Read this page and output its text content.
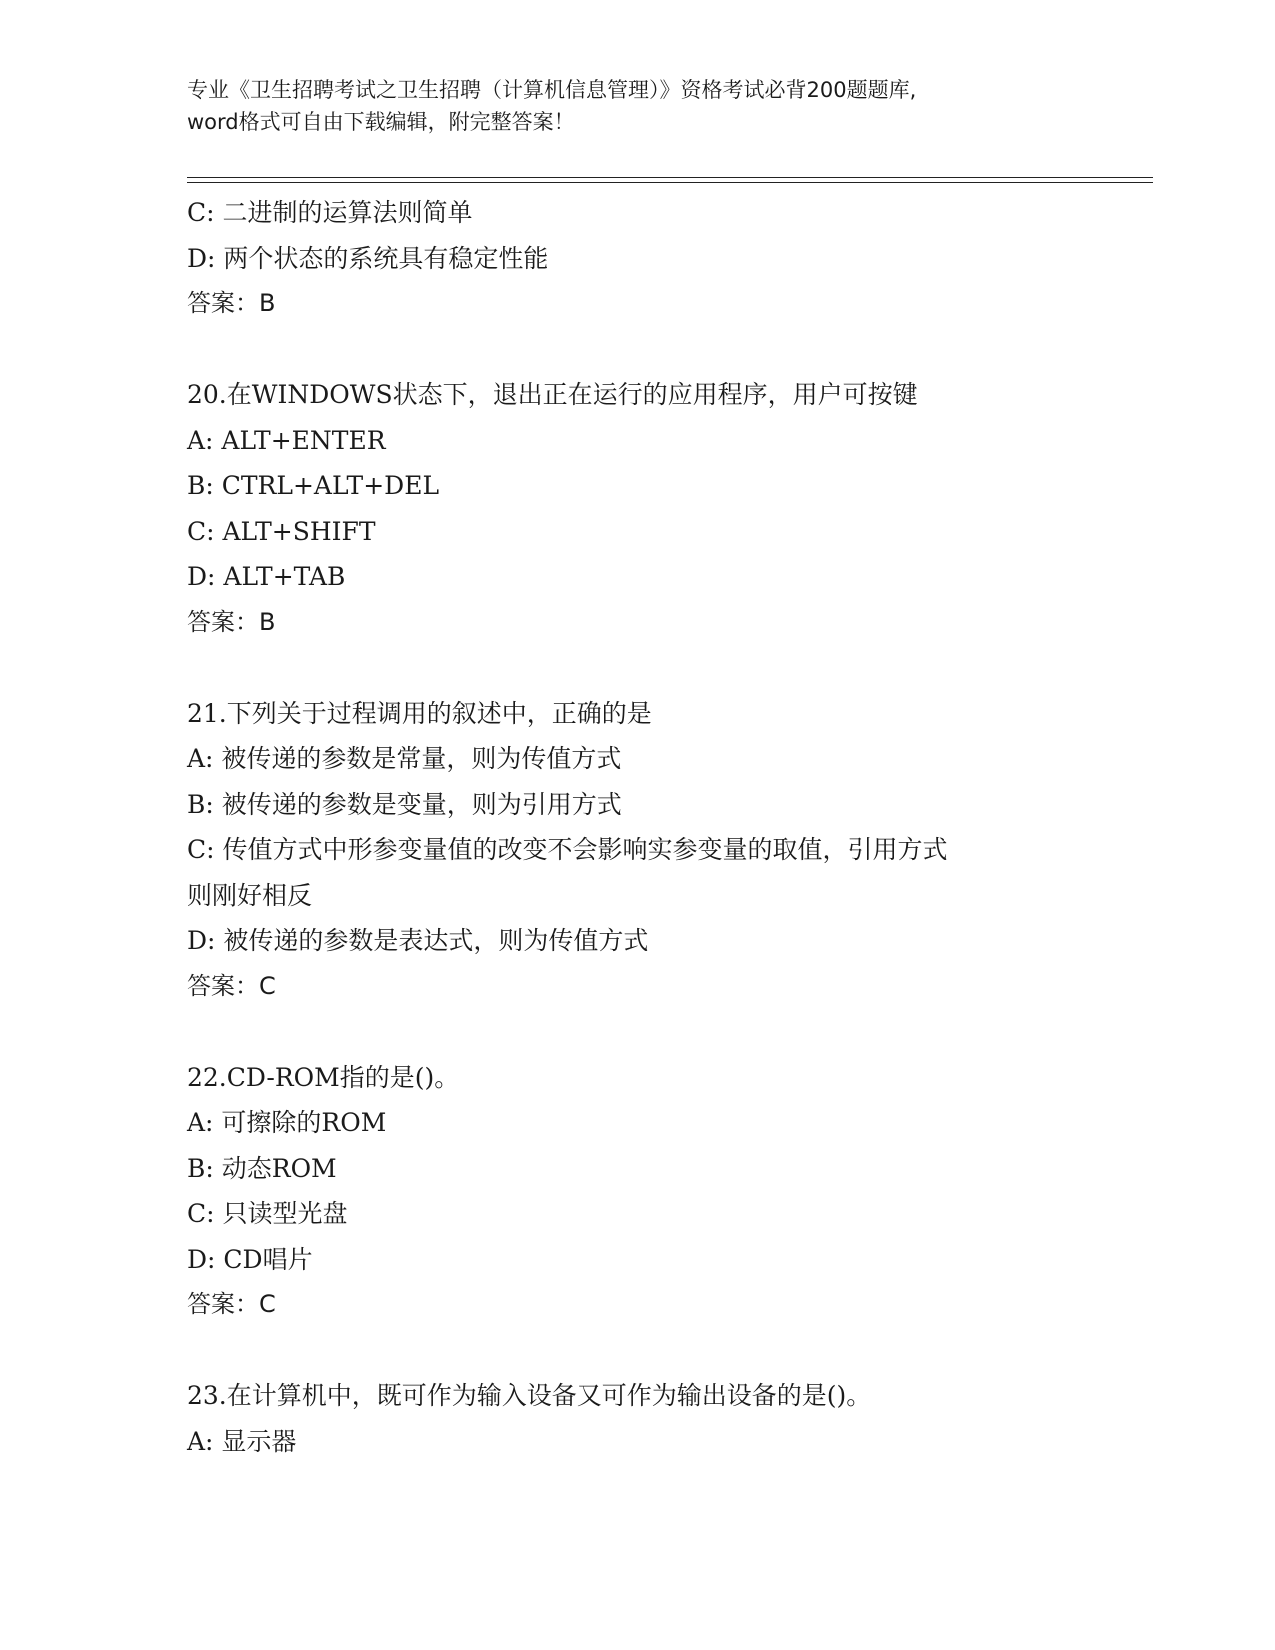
专业《卫生招聘考试之卫生招聘（计算机信息管理）》资格考试必背200题题库,
word格式可自由下载编辑，附完整答案！
C: 二进制的运算法则简单
D: 两个状态的系统具有稳定性能
答案：B
20.在WINDOWS状态下，退出正在运行的应用程序，用户可按键
A: ALT+ENTER
B: CTRL+ALT+DEL
C: ALT+SHIFT
D: ALT+TAB
答案：B
21.下列关于过程调用的叙述中，正确的是
A: 被传递的参数是常量，则为传值方式
B: 被传递的参数是变量，则为引用方式
C: 传值方式中形参变量值的改变不会影响实参变量的取值，引用方式
则刚好相反
D: 被传递的参数是表达式，则为传值方式
答案：C
22.CD-ROM指的是()。
A: 可擦除的ROM
B: 动态ROM
C: 只读型光盘
D: CD唱片
答案：C
23.在计算机中，既可作为输入设备又可作为输出设备的是()。
A: 显示器
